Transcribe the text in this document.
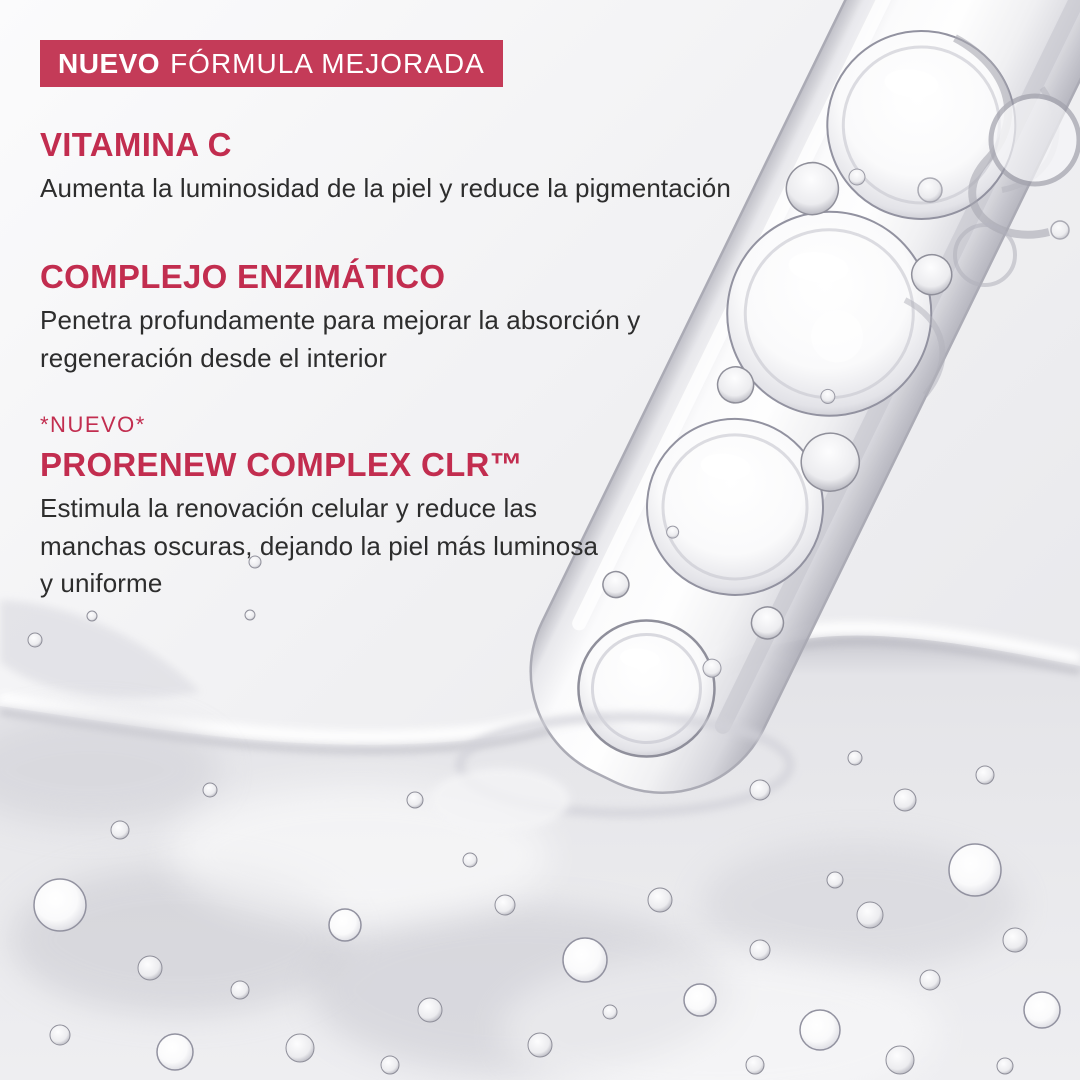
NUEVO FÓRMULA MEJORADA
VITAMINA C

Aumenta la luminosidad de la piel y reduce la pigmentación

COMPLEJO ENZIMÁTICO

Penetra profundamente para mejorar la absorción y regeneración desde el interior

*NUEVO*

PRORENEW COMPLEX CLR™

Estimula la renovación celular y reduce las manchas oscuras, dejando la piel más luminosa y uniforme
